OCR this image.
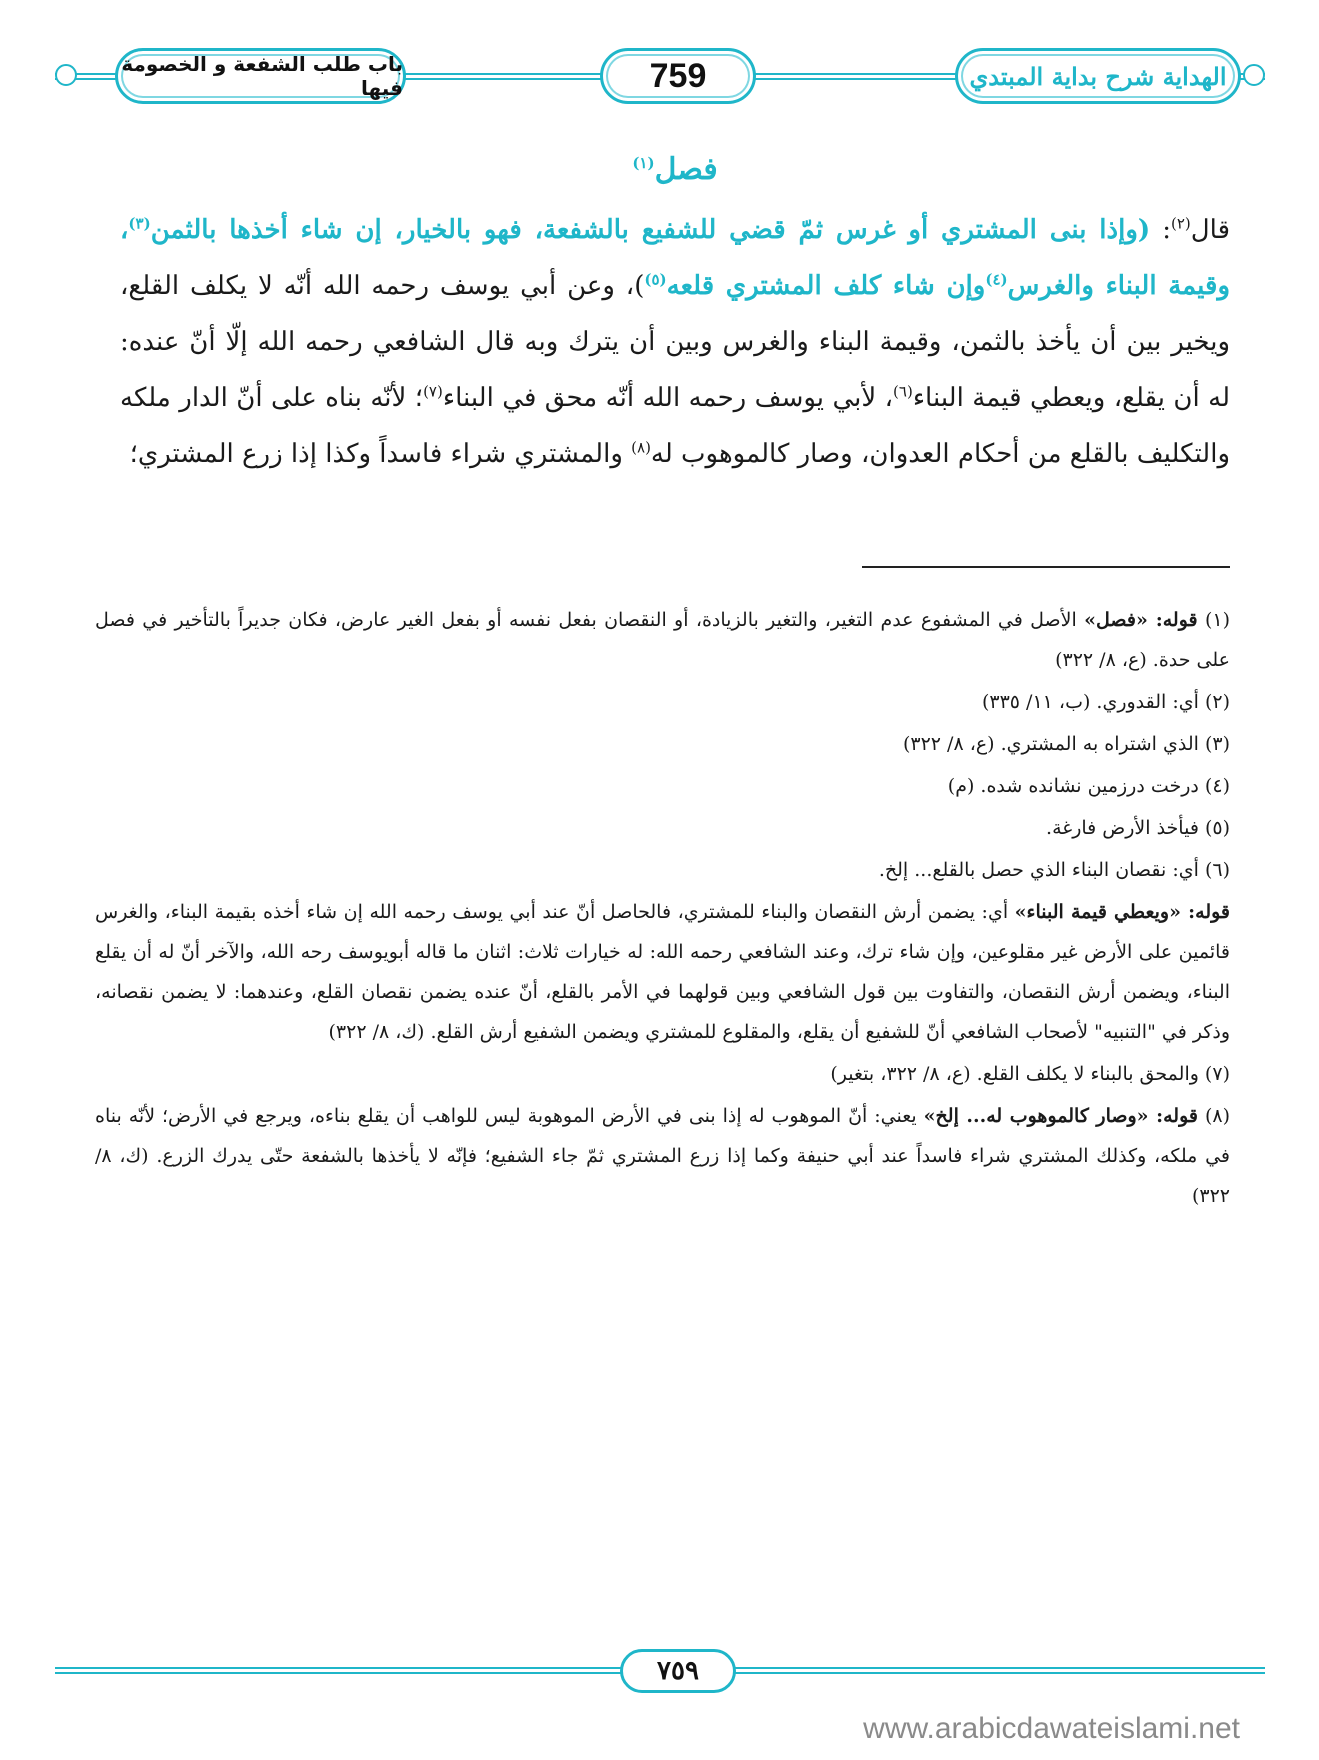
باب طلب الشفعة و الخصومة فيها	759	الهداية شرح بداية المبتدي
فصل$^{(١)}$

قال$^{(٢)}$: (وإذا بنى المشتري أو غرس ثمّ قضي للشفيع بالشفعة، فهو بالخيار، إن شاء أخذها بالثمن$^{(٣)}$، وقيمة البناء والغرس$^{(٤)}$وإن شاء كلف المشتري قلعه$^{(٥)}$)، وعن أبي يوسف رحمه الله أنّه لا يكلف القلع، ويخير بين أن يأخذ بالثمن، وقيمة البناء والغرس وبين أن يترك وبه قال الشافعي رحمه الله إلّا أنّ عنده: له أن يقلع، ويعطي قيمة البناء$^{(٦)}$، لأبي يوسف رحمه الله أنّه محق في البناء$^{(٧)}$؛ لأنّه بناه على أنّ الدار ملكه والتكليف بالقلع من أحكام العدوان، وصار كالموهوب له$^{(٨)}$ والمشتري شراء فاسداً وكذا إذا زرع المشتري؛

(١) قوله: «فصل» الأصل في المشفوع عدم التغير، والتغير بالزيادة، أو النقصان بفعل نفسه أو بفعل الغير عارض، فكان جديراً بالتأخير في فصل على حدة. (ع، ٨/ ٣٢٢)

(٢) أي: القدوري. (ب، ١١/ ٣٣٥)

(٣) الذي اشتراه به المشتري. (ع، ٨/ ٣٢٢)

(٤) درخت درزمين نشانده شده. (م)

(٥) فيأخذ الأرض فارغة.

(٦) أي: نقصان البناء الذي حصل بالقلع... إلخ.

قوله: «ويعطي قيمة البناء» أي: يضمن أرش النقصان والبناء للمشتري، فالحاصل أنّ عند أبي يوسف رحمه الله إن شاء أخذه بقيمة البناء، والغرس قائمين على الأرض غير مقلوعين، وإن شاء ترك، وعند الشافعي رحمه الله: له خيارات ثلاث: اثنان ما قاله أبويوسف رحه الله، والآخر أنّ له أن يقلع البناء، ويضمن أرش النقصان، والتفاوت بين قول الشافعي وبين قولهما في الأمر بالقلع، أنّ عنده يضمن نقصان القلع، وعندهما: لا يضمن نقصانه، وذكر في "التنبيه" لأصحاب الشافعي أنّ للشفيع أن يقلع، والمقلوع للمشتري ويضمن الشفيع أرش القلع. (ك، ٨/ ٣٢٢)

(٧) والمحق بالبناء لا يكلف القلع. (ع، ٨/ ٣٢٢، بتغير)

(٨) قوله: «وصار كالموهوب له... إلخ» يعني: أنّ الموهوب له إذا بنى في الأرض الموهوبة ليس للواهب أن يقلع بناءه، ويرجع في الأرض؛ لأنّه بناه في ملكه، وكذلك المشتري شراء فاسداً عند أبي حنيفة وكما إذا زرع المشتري ثمّ جاء الشفيع؛ فإنّه لا يأخذها بالشفعة حتّى يدرك الزرع. (ك، ٨/ ٣٢٢)

٧٥٩
www.arabicdawateislami.net
